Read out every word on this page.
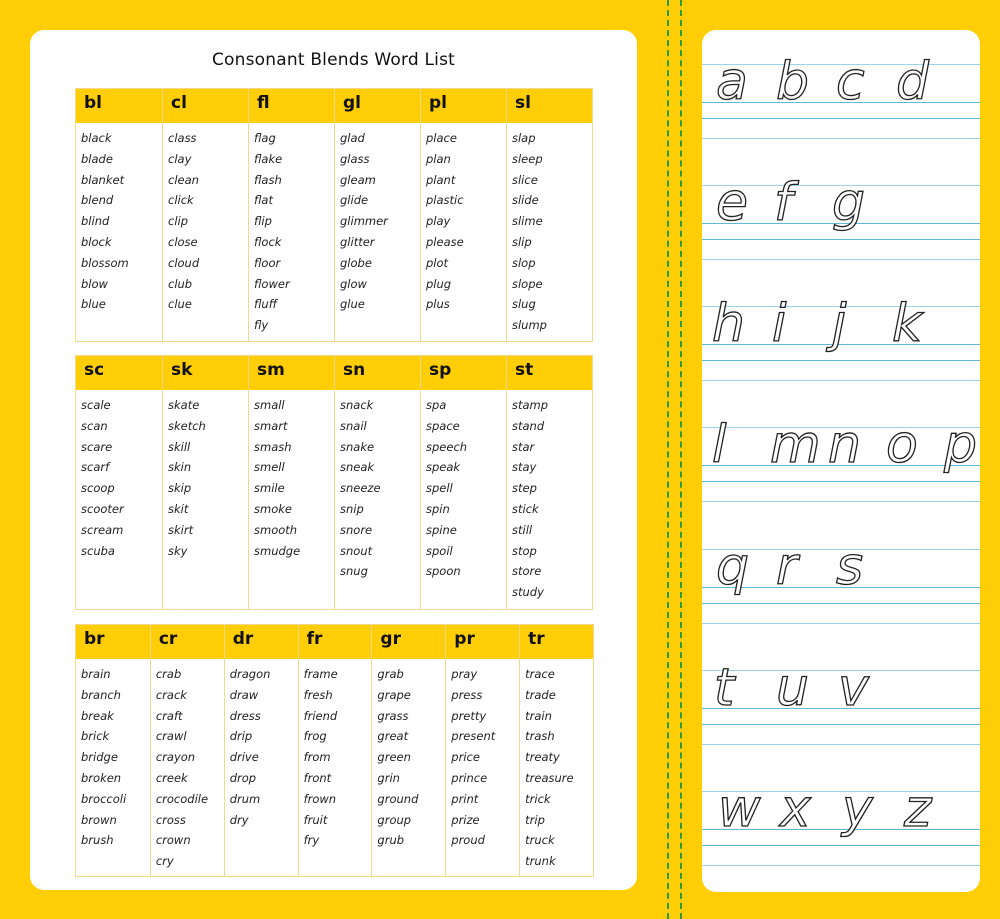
Consonant Blends Word List
bl
black
blade
blanket
blend
blind
block
blossom
blow
blue
cl
class
clay
clean
click
clip
close
cloud
club
clue
fl
flag
flake
flash
flat
flip
flock
floor
flower
fluff
fly
gl
glad
glass
gleam
glide
glimmer
glitter
globe
glow
glue
pl
place
plan
plant
plastic
play
please
plot
plug
plus
sl
slap
sleep
slice
slide
slime
slip
slop
slope
slug
slump
sc
scale
scan
scare
scarf
scoop
scooter
scream
scuba
sk
skate
sketch
skill
skin
skip
skit
skirt
sky
sm
small
smart
smash
smell
smile
smoke
smooth
smudge
sn
snack
snail
snake
sneak
sneeze
snip
snore
snout
snug
sp
spa
space
speech
speak
spell
spin
spine
spoil
spoon
st
stamp
stand
star
stay
step
stick
still
stop
store
study
br
brain
branch
break
brick
bridge
broken
broccoli
brown
brush
cr
crab
crack
craft
crawl
crayon
creek
crocodile
cross
crown
cry
dr
dragon
draw
dress
drip
drive
drop
drum
dry
fr
frame
fresh
friend
frog
from
front
frown
fruit
fry
gr
grab
grape
grass
great
green
grin
ground
group
grub
pr
pray
press
pretty
present
price
prince
print
prize
proud
tr
trace
trade
train
trash
treaty
treasure
trick
trip
truck
trunk
a b c d
e f g
h i j k
l m n o p
q r s
t u v
w x y z
